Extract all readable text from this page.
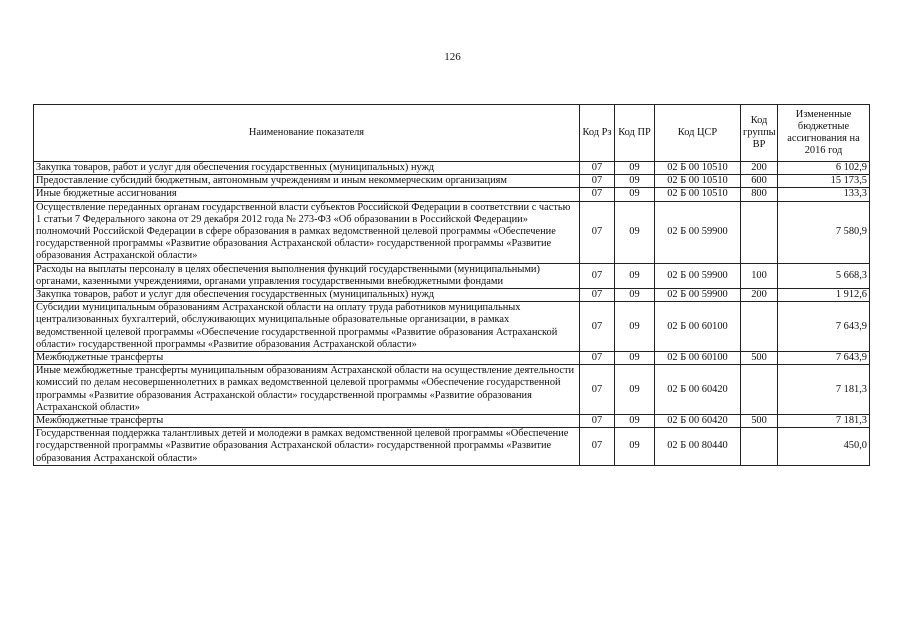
126
Наименование показателя	Код Рз	Код ПР	Код ЦСР	Код группы ВР	Измененные бюджетные ассигнования на 2016 год
Закупка товаров, работ и услуг для обеспечения государственных (муниципальных) нужд	07	09	02 Б 00 10510	200	6 102,9
Предоставление субсидий бюджетным, автономным учреждениям и иным некоммерческим организациям	07	09	02 Б 00 10510	600	15 173,5
Иные бюджетные ассигнования	07	09	02 Б 00 10510	800	133,3
Осуществление переданных органам государственной власти субъектов Российской Федерации в соответствии с частью 1 статьи 7 Федерального закона от 29 декабря 2012 года № 273-ФЗ «Об образовании в Российской Федерации» полномочий Российской Федерации в сфере образования в рамках ведомственной целевой программы «Обеспечение государственной программы «Развитие образования Астраханской области» государственной программы «Развитие образования Астраханской области»	07	09	02 Б 00 59900		7 580,9
Расходы на выплаты персоналу в целях обеспечения выполнения функций государственными (муниципальными) органами, казенными учреждениями, органами управления государственными внебюджетными фондами	07	09	02 Б 00 59900	100	5 668,3
Закупка товаров, работ и услуг для обеспечения государственных (муниципальных) нужд	07	09	02 Б 00 59900	200	1 912,6
Субсидии муниципальным образованиям Астраханской области на оплату труда работников муниципальных централизованных бухгалтерий, обслуживающих муниципальные образовательные организации, в рамках ведомственной целевой программы «Обеспечение государственной программы «Развитие образования Астраханской области» государственной программы «Развитие образования Астраханской области»	07	09	02 Б 00 60100		7 643,9
Межбюджетные трансферты	07	09	02 Б 00 60100	500	7 643,9
Иные межбюджетные трансферты муниципальным образованиям Астраханской области на осуществление деятельности комиссий по делам несовершеннолетних в рамках ведомственной целевой программы «Обеспечение государственной программы «Развитие образования Астраханской области» государственной программы «Развитие образования Астраханской области»	07	09	02 Б 00 60420		7 181,3
Межбюджетные трансферты	07	09	02 Б 00 60420	500	7 181,3
Государственная поддержка талантливых детей и молодежи в рамках ведомственной целевой программы «Обеспечение государственной программы «Развитие образования Астраханской области» государственной программы «Развитие образования Астраханской области»	07	09	02 Б 00 80440		450,0
